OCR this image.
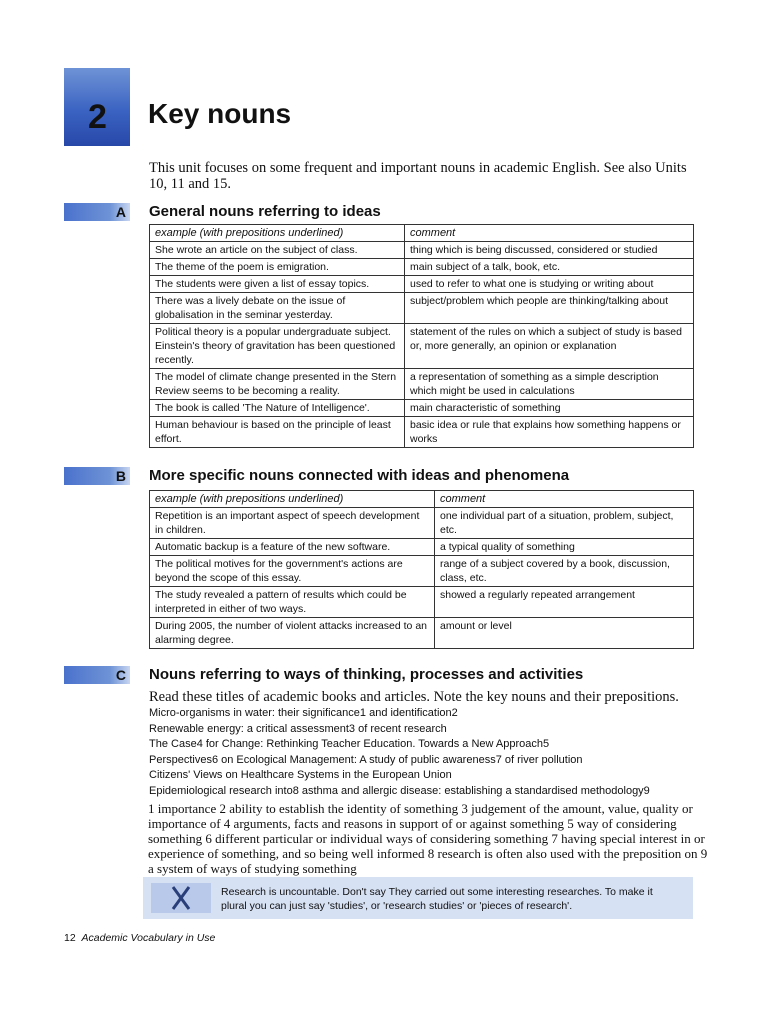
2 Key nouns
This unit focuses on some frequent and important nouns in academic English. See also Units 10, 11 and 15.
A General nouns referring to ideas
example (with prepositions underlined)	comment
She wrote an article on the subject of class.	thing which is being discussed, considered or studied
The theme of the poem is emigration.	main subject of a talk, book, etc.
The students were given a list of essay topics.	used to refer to what one is studying or writing about
There was a lively debate on the issue of globalisation in the seminar yesterday.	subject/problem which people are thinking/talking about
Political theory is a popular undergraduate subject. Einstein's theory of gravitation has been questioned recently.	statement of the rules on which a subject of study is based or, more generally, an opinion or explanation
The model of climate change presented in the Stern Review seems to be becoming a reality.	a representation of something as a simple description which might be used in calculations
The book is called 'The Nature of Intelligence'.	main characteristic of something
Human behaviour is based on the principle of least effort.	basic idea or rule that explains how something happens or works
B More specific nouns connected with ideas and phenomena
example (with prepositions underlined)	comment
Repetition is an important aspect of speech development in children.	one individual part of a situation, problem, subject, etc.
Automatic backup is a feature of the new software.	a typical quality of something
The political motives for the government's actions are beyond the scope of this essay.	range of a subject covered by a book, discussion, class, etc.
The study revealed a pattern of results which could be interpreted in either of two ways.	showed a regularly repeated arrangement
During 2005, the number of violent attacks increased to an alarming degree.	amount or level
C Nouns referring to ways of thinking, processes and activities
Read these titles of academic books and articles. Note the key nouns and their prepositions.
Micro-organisms in water: their significance1 and identification2
Renewable energy: a critical assessment3 of recent research
The Case4 for Change: Rethinking Teacher Education. Towards a New Approach5
Perspectives6 on Ecological Management: A study of public awareness7 of river pollution
Citizens' Views on Healthcare Systems in the European Union
Epidemiological research into8 asthma and allergic disease: establishing a standardised methodology9
1 importance 2 ability to establish the identity of something 3 judgement of the amount, value, quality or importance of 4 arguments, facts and reasons in support of or against something 5 way of considering something 6 different particular or individual ways of considering something 7 having special interest in or experience of something, and so being well informed 8 research is often also used with the preposition on 9 a system of ways of studying something
Research is uncountable. Don't say They carried out some interesting researches. To make it plural you can just say 'studies', or 'research studies' or 'pieces of research'.
12 Academic Vocabulary in Use
